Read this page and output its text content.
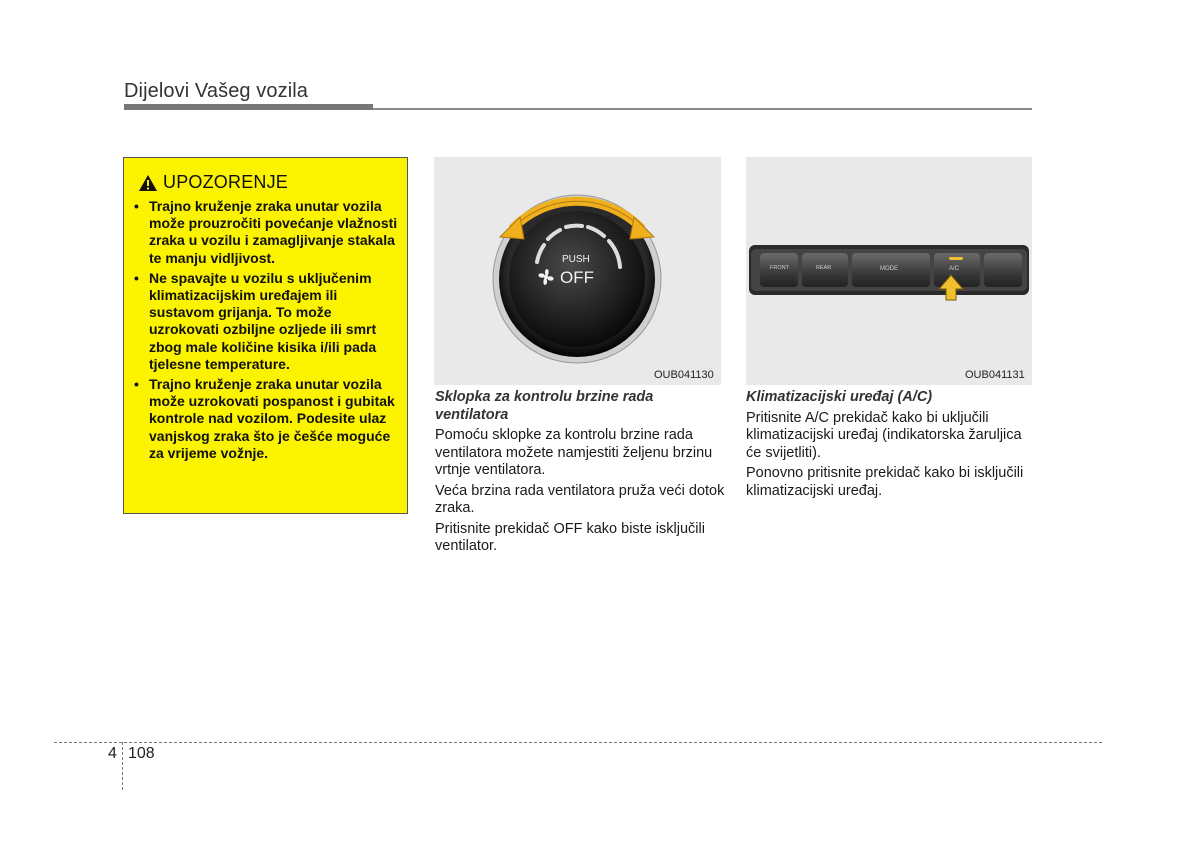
Dijelovi Vašeg vozila
UPOZORENJE
• Trajno kruženje zraka unutar vozila može prouzročiti povećanje vlažnosti zraka u vozilu i zamagljivanje stakala te manju vidljivost.
• Ne spavajte u vozilu s uključenim klimatizacijskim uređajem ili sustavom grijanja. To može uzrokovati ozbiljne ozljede ili smrt zbog male količine kisika i/ili pada tjelesne temperature.
• Trajno kruženje zraka unutar vozila može uzrokovati pospanost i gubitak kontrole nad vozilom. Podesite ulaz vanjskog zraka što je češće moguće za vrijeme vožnje.
PUSH
OFF
OUB041130
FRONT	REAR	MODE	A/C
OUB041131

Sklopka za kontrolu brzine rada ventilatora

Pomoću sklopke za kontrolu brzine rada ventilatora možete namjestiti željenu brzinu vrtnje ventilatora.

Veća brzina rada ventilatora pruža veći dotok zraka.

Pritisnite prekidač OFF kako biste isključili ventilator.

Klimatizacijski uređaj (A/C)

Pritisnite A/C prekidač kako bi uključili klimatizacijski uređaj (indikatorska žaruljica će svijetliti).

Ponovno pritisnite prekidač kako bi isključili klimatizacijski uređaj.

4 108
